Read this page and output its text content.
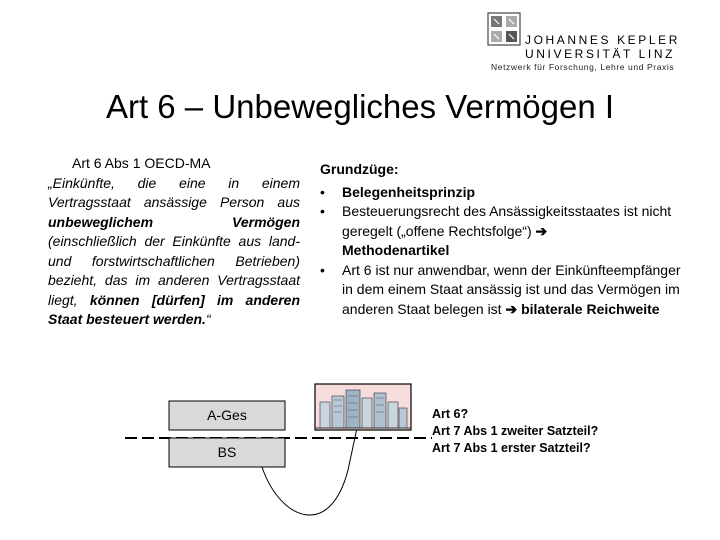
JOHANNES KEPLER
UNIVERSITÄT LINZ
Netzwerk für Forschung, Lehre und Praxis
Art 6 – Unbewegliches Vermögen I
Art 6 Abs 1 OECD-MA
„Einkünfte, die eine in einem Vertragsstaat ansässige Person aus unbeweglichem Vermögen (einschließlich der Einkünfte aus land- und forstwirtschaftlichen Betrieben) bezieht, das im anderen Vertragsstaat liegt, können [dürfen] im anderen Staat besteuert werden.“
Grundzüge:
• Belegenheitsprinzip
• Besteuerungsrecht des Ansässigkeitsstaates ist nicht geregelt („offene Rechtsfolge“) ➔
Methodenartikel
• Art 6 ist nur anwendbar, wenn der Einkünfteempfänger in dem einem Staat ansässig ist und das Vermögen im anderen Staat belegen ist ➔ bilaterale Reichweite
A-Ges
BS
Art 6?
Art 7 Abs 1 zweiter Satzteil?
Art 7 Abs 1 erster Satzteil?
